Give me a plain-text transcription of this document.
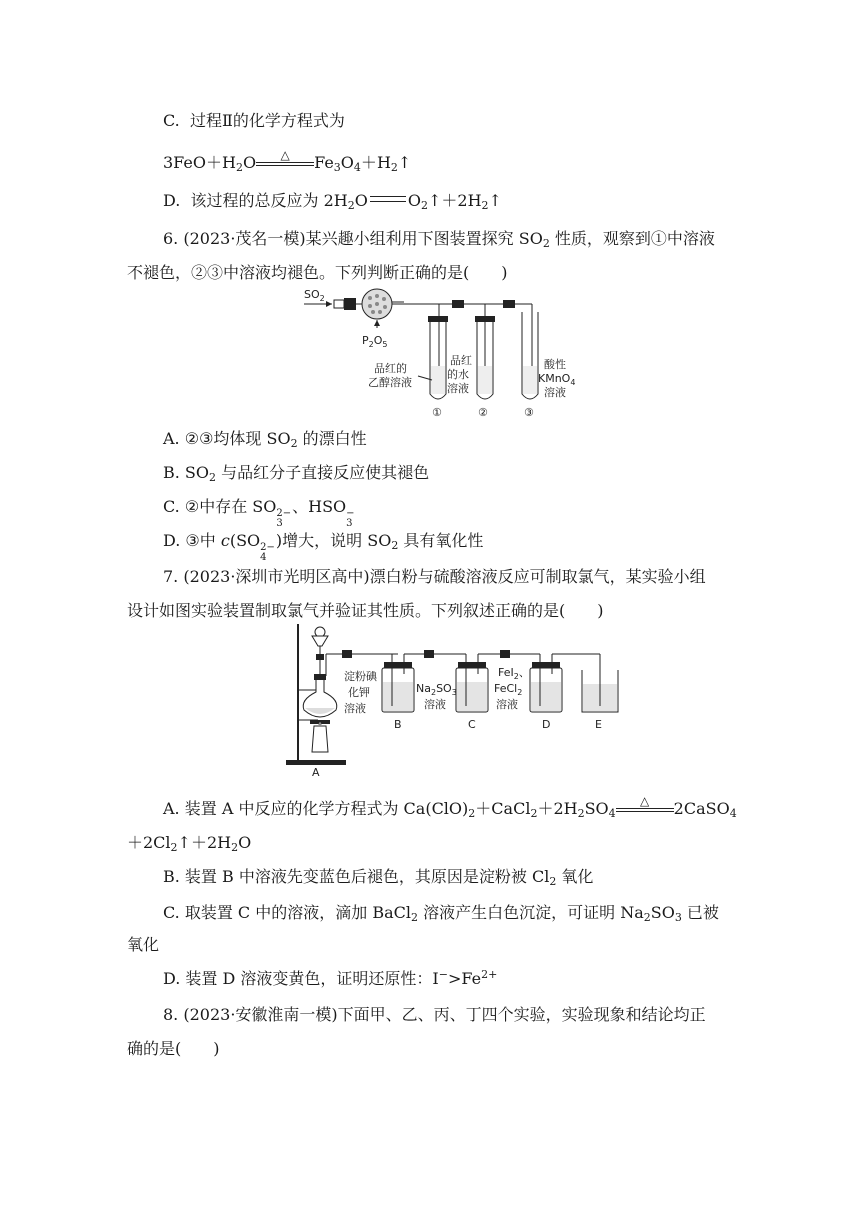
C. 过程Ⅱ的化学方程式为
$3FeO+H_2O$ △ $Fe_3O_4+H_2↑$
D. 该过程的总反应为 $2H_2O$	$O_2↑+2H_2↑$
6. (2023·茂名一模)某兴趣小组利用下图装置探究 $SO_2$ 性质，观察到①中溶液
不褪色，②③中溶液均褪色。下列判断正确的是(　　)
$SO_2$
$P_2O_5$
品红的
乙醇溶液
品红
的水
溶液
酸性
KMnO$_4$
溶液
①	②	③
A. ②③均体现 $SO_2$ 的漂白性
B. $SO_2$ 与品红分子直接反应使其褪色
C. ②中存在 SO 2−
3
、HSO −
3
D. ③中 c(SO 2−
4
)增大，说明 $SO_2$ 具有氧化性
7. (2023·深圳市光明区高中)漂白粉与硫酸溶液反应可制取氯气，某实验小组
设计如图实验装置制取氯气并验证其性质。下列叙述正确的是(　　)
淀粉碘
化钾
溶液
$Na_2SO_3$
溶液
FeI$_2$、
FeCl$_2$
溶液
A
B	C	D	E
A. 装置 A 中反应的化学方程式为 $Ca(ClO)_2+CaCl_2+2H_2SO_4$
△ 2CaSO$_4$
$+2Cl_2↑+2H_2O$
B. 装置 B 中溶液先变蓝色后褪色，其原因是淀粉被 $Cl_2$ 氧化
C. 取装置 C 中的溶液，滴加 BaCl$_2$ 溶液产生白色沉淀，可证明 $Na_2SO_3$ 已被
氧化
D. 装置 D 溶液变黄色，证明还原性：$I^->Fe^{2+}$
8. (2023·安徽淮南一模)下面甲、乙、丙、丁四个实验，实验现象和结论均正
确的是(　　)
